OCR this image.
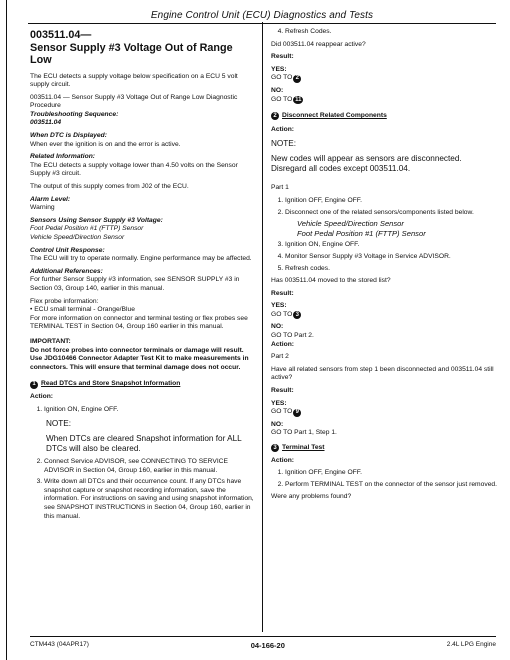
Engine Control Unit (ECU) Diagnostics and Tests
003511.04—
Sensor Supply #3 Voltage Out of Range Low

The ECU detects a supply voltage below specification on a ECU 5 volt supply circuit.

003511.04 — Sensor Supply #3 Voltage Out of Range Low Diagnostic Procedure

Troubleshooting Sequence:
003511.04
When DTC is Displayed:
When ever the ignition is on and the error is active.
Related Information:
The ECU detects a supply voltage lower than 4.50 volts on the Sensor Supply #3 circuit.
The output of this supply comes from J02 of the ECU.
Alarm Level:
Warning
Sensors Using Sensor Supply #3 Voltage:
Foot Pedal Position #1 (FTTP) Sensor
Vehicle Speed/Direction Sensor
Control Unit Response:
The ECU will try to operate normally. Engine performance may be affected.
Additional References:
For further Sensor Supply #3 information, see SENSOR SUPPLY #3 in Section 03, Group 140, earlier in this manual.
Flex probe information:
• ECU small terminal - Orange/Blue
For more information on connector and terminal testing or flex probes see TERMINAL TEST in Section 04, Group 160 earlier in this manual.
IMPORTANT:
Do not force probes into connector terminals or damage will result. Use JDG10466 Connector Adapter Test Kit to make measurements in connectors. This will ensure that terminal damage does not occur.
1 Read DTCs and Store Snapshot Information
Action:
1. Ignition ON, Engine OFF.
NOTE:
When DTCs are cleared Snapshot information for ALL DTCs will also be cleared.
2. Connect Service ADVISOR, see CONNECTING TO SERVICE ADVISOR in Section 04, Group 160, earlier in this manual.
3. Write down all DTCs and their occurrence count. If any DTCs have snapshot capture or snapshot recording information, save the information. For instructions on saving and using snapshot information, see SNAPSHOT INSTRUCTIONS in Section 04, Group 160, earlier in this manual.
4. Refresh Codes.
Did 003511.04 reappear active?
Result:
YES:
GO TO 2
NO:
GO TO 11
2 Disconnect Related Components
Action:
NOTE:
New codes will appear as sensors are disconnected. Disregard all codes except 003511.04.
Part 1
1. Ignition OFF, Engine OFF.
2. Disconnect one of the related sensors/components listed below.
Vehicle Speed/Direction Sensor
Foot Pedal Position #1 (FTTP) Sensor
3. Ignition ON, Engine OFF.
4. Monitor Sensor Supply #3 Voltage in Service ADVISOR.
5. Refresh codes.
Has 003511.04 moved to the stored list?
Result:
YES:
GO TO 3
NO:
GO TO Part 2.
Action:
Part 2
Have all related sensors from step 1 been disconnected and 003511.04 still active?
Result:
YES:
GO TO 9
NO:
GO TO Part 1, Step 1.
3 Terminal Test
Action:
1. Ignition OFF, Engine OFF.
2. Perform TERMINAL TEST on the connector of the sensor just removed.
Were any problems found?
CTM443 (04APR17)	04-166-20	2.4L LPG Engine
